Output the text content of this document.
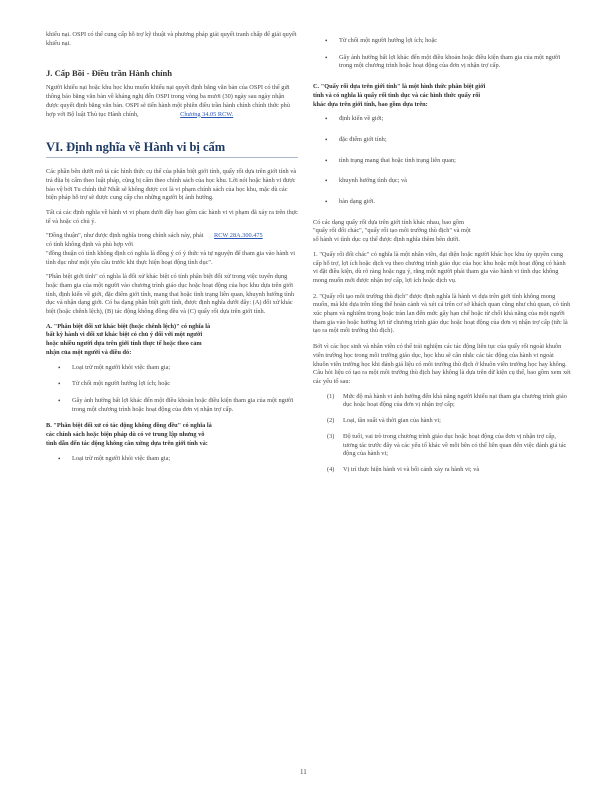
khiếu nại. OSPI có thể cung cấp hỗ trợ kỹ thuật và phương pháp giải quyết tranh chấp để giải quyết khiếu nại.

J. Cấp Bồi - Điều trần Hành chính

Người khiếu nại hoặc khu học khu muốn khiếu nại quyết định bằng văn bản của OSPI có thể gửi thông báo bằng văn bản về kháng nghị đến OSPI trong vòng ba mươi (30) ngày sau ngày nhận được quyết định bằng văn bản. OSPI sẽ tiến hành một phiên điều trần hành chính chính thức phù hợp với Bộ luật Thủ tục Hành chính,	Chương 34.05 RCW.

VI. Định nghĩa về Hành vi bị cấm

Các phần bên dưới mô tả các hình thức cụ thể của phân biệt giới tính, quấy rối dựa trên giới tính và trả đũa bị cấm theo luật pháp, cũng bị cấm theo chính sách của học khu. Lời nói hoặc hành vi được bảo vệ bởi Tu chính thứ Nhất sẽ không được coi là vi phạm chính sách của học khu, mặc dù các biện pháp hỗ trợ sẽ được cung cấp cho những người bị ảnh hưởng.

Tất cả các định nghĩa về hành vi vi phạm dưới đây bao gồm các hành vi vi phạm đã xảy ra trên thực tế và hoặc có chủ ý.

"Đồng thuận", như được định nghĩa trong chính sách này, phải có tính không định và phù hợp với
RCW 28A.300.475
"đồng thuận có tính không định có nghĩa là đồng ý có ý thức và tự nguyện để tham gia vào hành vi tình dục như một yêu cầu trước khi thực hiện hoạt động tình dục".

"Phân biệt giới tính" có nghĩa là đối xử khác biệt có tính phân biệt đối xử trong việc tuyển dụng hoặc tham gia của một người vào chương trình giáo dục hoặc hoạt động của học khu dựa trên giới tính, định kiến về giới, đặc điểm giới tính, mang thai hoặc tình trạng liên quan, khuynh hướng tình dục và nhận dạng giới. Có ba dạng phân biệt giới tính, được định nghĩa dưới đây: (A) đối xử khác biệt (hoặc chênh lệch), (B) tác động không đồng đều và (C) quấy rối dựa trên giới tính.

A. "Phân biệt đối xử khác biệt (hoặc chênh lệch)" có nghĩa là bất kỳ hành vi đối xử khác biệt có chủ ý đối với một người hoặc nhiều người dựa trên giới tính thực tế hoặc theo cảm nhận của một người và điều đó:

• Loại trừ một người khỏi việc tham gia;
• Từ chối một người hưởng lợi ích; hoặc
• Gây ảnh hưởng bất lợi khác đến một điều khoản hoặc điều kiện tham gia của một người trong một chương trình hoặc hoạt động của đơn vị nhận trợ cấp.

B. "Phân biệt đối xử có tác động không đồng đều" có nghĩa là các chính sách hoặc biện pháp dù có vẻ trung lập nhưng vô tình dẫn đến tác động không cân xứng dựa trên giới tính và:

• Loại trừ một người khỏi việc tham gia;
• Từ chối một người hưởng lợi ích; hoặc
• Gây ảnh hưởng bất lợi khác đến một điều khoản hoặc điều kiện tham gia của một người trong một chương trình hoặc hoạt động của đơn vị nhận trợ cấp.

C. "Quấy rối dựa trên giới tính" là một hình thức phân biệt giới tính và có nghĩa là quấy rối tình dục và các hình thức quấy rối khác dựa trên giới tính, bao gồm dựa trên:

• định kiến về giới;
• đặc điểm giới tính;
• tình trạng mang thai hoặc tình trạng liên quan;
• khuynh hướng tình dục; và
• bản dạng giới.

Có các dạng quấy rối dựa trên giới tính khác nhau, bao gồm "quấy rối đổi chác", "quấy rối tạo môi trường thù địch" và một số hành vi tình dục cụ thể được định nghĩa thêm bên dưới.

1. "Quấy rối đổi chác" có nghĩa là một nhân viên, đại diện hoặc người khác học khu ủy quyền cung cấp hỗ trợ, lợi ích hoặc dịch vụ theo chương trình giáo dục của học khu hoặc một hoạt động có hành vi đặt điều kiện, dù rõ ràng hoặc ngụ ý, rằng một người phải tham gia vào hành vi tình dục không mong muốn mới được nhận trợ cấp, lợi ích hoặc dịch vụ.
2. "Quấy rối tạo môi trường thù địch" được định nghĩa là hành vi dựa trên giới tính không mong muốn, mà khi dựa trên tổng thể hoàn cảnh và xét cả trên cơ sở khách quan cũng như chủ quan, có tính xúc phạm và nghiêm trọng hoặc tràn lan đến mức gây hạn chế hoặc từ chối khả năng của một người tham gia vào hoặc hưởng lợi từ chương trình giáo dục hoặc hoạt động của đơn vị nhận trợ cấp (tức là tạo ra một môi trường thù địch).

Bởi vì các học sinh và nhân viên có thể trải nghiệm các tác động liên tục của quấy rối ngoài khuôn viên trường học trong môi trường giáo dục, học khu sẽ cân nhắc các tác động của hành vi ngoài khuôn viên trường học khi đánh giá liệu có môi trường thù địch ở khuôn viên trường học hay không. Câu hỏi liệu có tạo ra một môi trường thù địch hay không là dựa trên dữ kiện cụ thể, bao gồm xem xét các yếu tố sau:

(1) Mức độ mà hành vi ảnh hưởng đến khả năng người khiếu nại tham gia chương trình giáo dục hoặc hoạt động của đơn vị nhận trợ cấp;
(2) Loại, tần suất và thời gian của hành vi;
(3) Độ tuổi, vai trò trong chương trình giáo dục hoặc hoạt động của đơn vị nhận trợ cấp, tương tác trước đây và các yếu tố khác về mỗi bên có thể liên quan đến việc đánh giá tác động của hành vi;
(4) Vị trí thực hiện hành vi và bối cảnh xảy ra hành vi; và
11
